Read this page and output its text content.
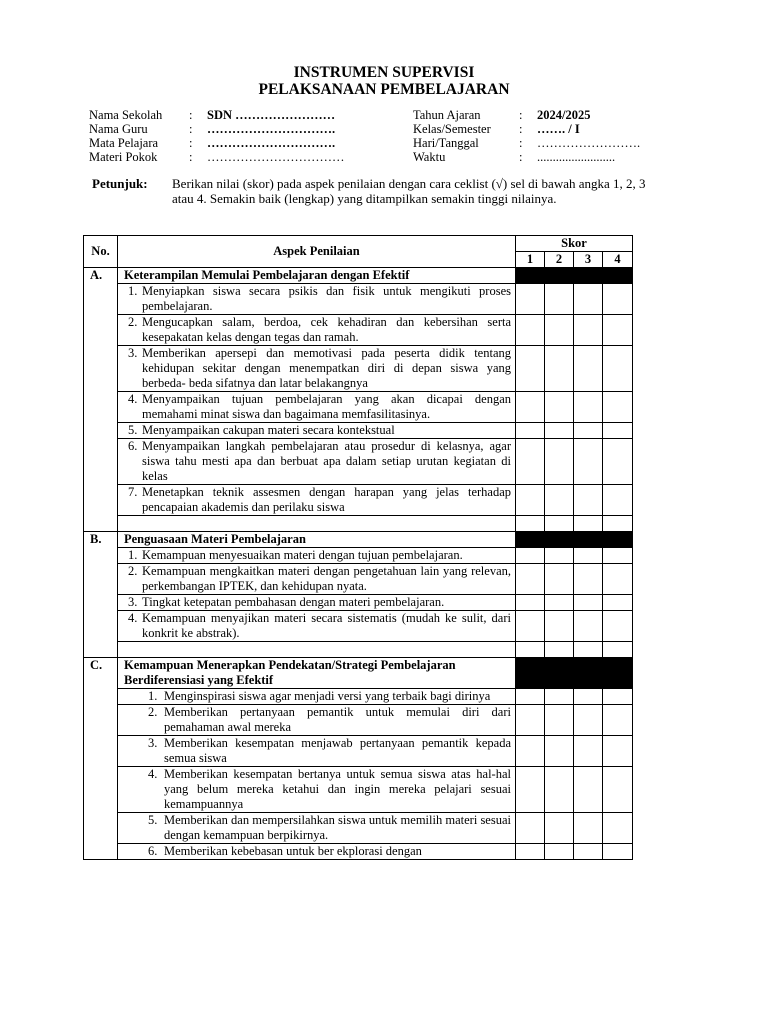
INSTRUMEN SUPERVISI
PELAKSANAAN PEMBELAJARAN
Nama Sekolah : SDN ……………………
Nama Guru	: ………………………….
Mata Pelajara : ………………………….
Materi Pokok	: ……………………………
Tahun Ajaran	: 2024/2025
Kelas/Semester : ……. / I
Hari/Tanggal	: …………………….
Waktu	: .........................
Petunjuk: Berikan nilai (skor) pada aspek penilaian dengan cara ceklist (√) sel di bawah angka 1, 2, 3 atau 4. Semakin baik (lengkap) yang ditampilkan semakin tinggi nilainya.
No.	Aspek Penilaian	Skor			
		1	2	3	4
A.	Keterampilan Memulai Pembelajaran dengan Efektif				

	1. Menyiapkan siswa secara psikis dan fisik untuk mengikuti proses pembelajaran.				

	2. Mengucapkan salam, berdoa, cek kehadiran dan kebersihan serta kesepakatan kelas dengan tegas dan ramah.				

	3. Memberikan apersepi dan memotivasi pada peserta didik tentang kehidupan sekitar dengan menempatkan diri di depan siswa yang berbeda- beda sifatnya dan latar belakangnya				

	4. Menyampaikan tujuan pembelajaran yang akan dicapai dengan memahami minat siswa dan bagaimana memfasilitasinya.				

	5. Menyampaikan cakupan materi secara kontekstual				

	6. Menyampaikan langkah pembelajaran atau prosedur di kelasnya, agar siswa tahu mesti apa dan berbuat apa dalam setiap urutan kegiatan di kelas				

	7. Menetapkan teknik assesmen dengan harapan yang jelas terhadap pencapaian akademis dan perilaku siswa				

B.	Penguasaan Materi Pembelajaran				

	1. Kemampuan menyesuaikan materi dengan tujuan pembelajaran.				

	2. Kemampuan mengkaitkan materi dengan pengetahuan lain yang relevan, perkembangan IPTEK, dan kehidupan nyata.				

	3. Tingkat ketepatan pembahasan dengan materi pembelajaran.				

	4. Kemampuan menyajikan materi secara sistematis (mudah ke sulit, dari konkrit ke abstrak).				

C.	Kemampuan Menerapkan Pendekatan/Strategi Pembelajaran Berdiferensiasi yang Efektif				

	1. Menginspirasi siswa agar menjadi versi yang terbaik bagi dirinya				

	2. Memberikan pertanyaan pemantik untuk memulai diri dari pemahaman awal mereka				

	3. Memberikan kesempatan menjawab pertanyaan pemantik kepada semua siswa				

	4. Memberikan kesempatan bertanya untuk semua siswa atas hal-hal yang belum mereka ketahui dan ingin mereka pelajari sesuai kemampuannya				

	5. Memberikan dan mempersilahkan siswa untuk memilih materi sesuai dengan kemampuan berpikirnya.				

	6. Memberikan kebebasan untuk ber ekplorasi dengan				
